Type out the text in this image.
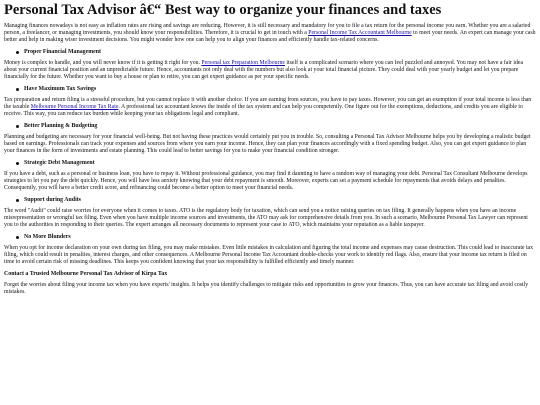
Personal Tax Advisor â€“ Best way to organize your finances and taxes

Managing finances nowadays is not easy as inflation rates are rising and savings are reducing. However, it is still necessary and mandatory for you to file a tax return for the personal income you earn. Whether you are a salaried person, a freelancer, or managing investments, you should know your responsibilities. Therefore, it is crucial to get in touch with a Personal Income Tax Accountant Melbourne to meet your needs. An expert can manage your cash better and help in making wiser investment decisions. You might wonder how one can help you to align your finances and efficiently handle tax-related concerns.

Proper Financial Management

Money is complex to handle, and you will never know if it is getting it right for you. Personal tax Preparation Melbourne itself is a complicated scenario where you can feel puzzled and annoyed. You may not have a fair idea about your current financial position and an unpredictable future. Hence, accountants not only deal with the numbers but also look at your total financial picture. They could deal with your yearly budget and let you prepare financially for the future. Whether you want to buy a house or plan to retire, you can get expert guidance as per your specific needs.

Have Maximum Tax Savings

Tax preparation and return filing is a stressful procedure, but you cannot replace it with another choice. If you are earning from sources, you have to pay taxes. However, you can get an exemption if your total income is less than the taxable Melbourne Personal Income Tax Rate. A professional tax accountant knows the inside of the tax system and can help you competently. One figure out for the exemptions, deductions, and credits you are eligible to receive. This way, you can reduce tax burden while keeping your tax obligations legal and compliant.

Better Planning & Budgeting

Planning and budgeting are necessary for your financial well-being. But not having these practices would certainly put you in trouble. So, consulting a Personal Tax Advisor Melbourne helps you by developing a realistic budget based on earnings. Professionals can track your expenses and sources from where you earn your income. Hence, they can plan your finances accordingly with a fixed spending budget. Also, you can get expert guidance to plan your finances in the form of investments and estate planning. This could lead to better savings for you to make your financial condition stronger.

Strategic Debt Management

If you have a debt, such as a personal or business loan, you have to repay it. Without professional guidance, you may find it daunting to have a random way of managing your debt. Personal Tax Consultant Melbourne develops strategies to let you pay the debt quickly. Hence, you will have less anxiety knowing that your debt repayment is smooth. Moreover, experts can set a payment schedule for repayments that avoids delays and penalties. Consequently, you will have a better credit score, and refinancing could become a better option to meet your financial needs.

Support during Audits

The word "Audit" could raise worries for everyone when it comes to taxes. ATO is the regulatory body for taxation, which can send you a notice raising queries on tax filing. It generally happens when you have an income misrepresentation or wrongful tax filing. Even when you have multiple income sources and investments, the ATO may ask for comprehensive details from you. In such a scenario, Melbourne Personal Tax Lawyer can represent you to the authorities in responding to their queries. The expert arranges all necessary documents to represent your case to ATO, which maintains your reputation as a liable taxpayer.

No More Blunders

When you opt for income declaration on your own during tax filing, you may make mistakes. Even little mistakes in calculation and figuring the total income and expenses may cause destruction. This could lead to inaccurate tax filing, which could result in penalties, interest charges, and other consequences. A Melbourne Personal Income Tax Accountant double-checks your work to identify red flags. Also, ensure that your income tax return is filed on time to avoid certain risk of missing deadlines. This keeps you confident knowing that your tax responsibility is fulfilled efficiently and timely manner.

Contact a Trusted Melbourne Personal Tax Advisor of Kirpa Tax

Forget the worries about filing your income tax when you have experts' insights. It helps you identify challenges to mitigate risks and opportunities to grow your finances. Thus, you can have accurate tax filing and avoid costly mistakes.
